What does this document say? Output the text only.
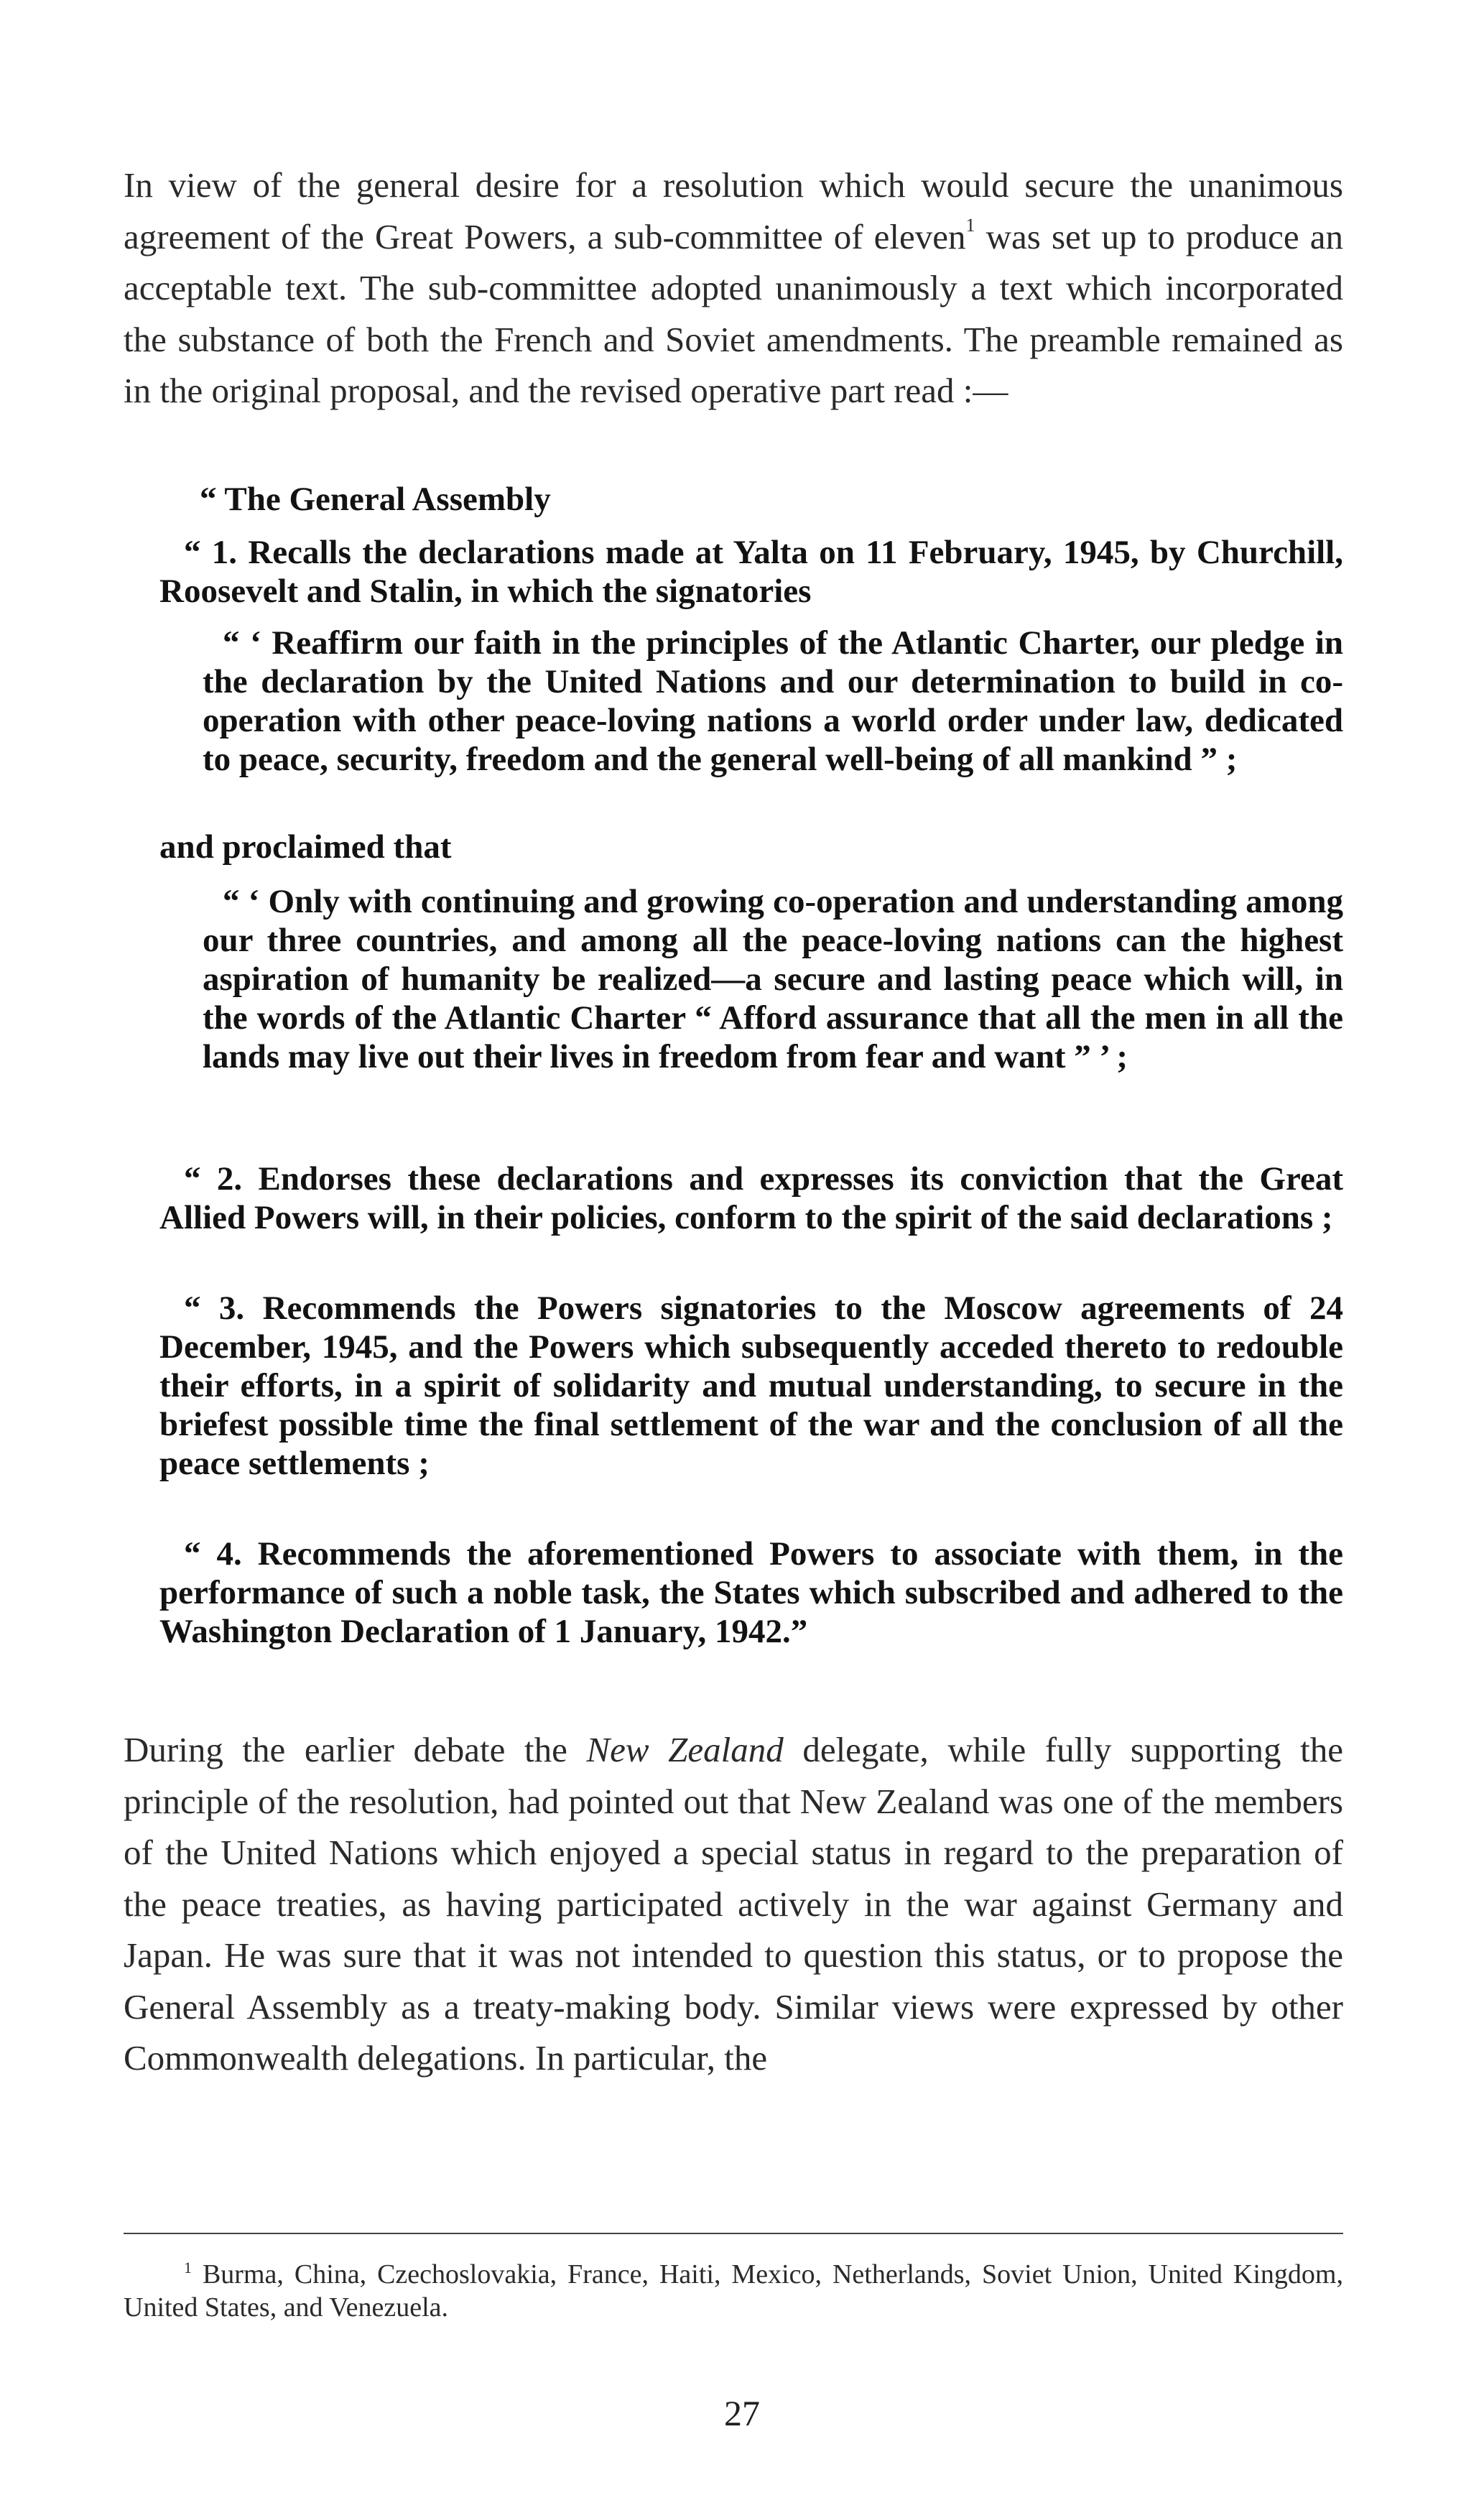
In view of the general desire for a resolution which would secure the unanimous agreement of the Great Powers, a sub-committee of eleven$^1$ was set up to produce an acceptable text. The sub-committee adopted unanimously a text which incorporated the substance of both the French and Soviet amendments. The preamble remained as in the original proposal, and the revised operative part read :—

“ The General Assembly

“ 1. Recalls the declarations made at Yalta on 11 February, 1945, by Churchill, Roosevelt and Stalin, in which the signatories

“ ‘ Reaffirm our faith in the principles of the Atlantic Charter, our pledge in the declaration by the United Nations and our determination to build in co-operation with other peace-loving nations a world order under law, dedicated to peace, security, freedom and the general well-being of all mankind ” ;

and proclaimed that

“ ‘ Only with continuing and growing co-operation and understanding among our three countries, and among all the peace-loving nations can the highest aspiration of humanity be realized—a secure and lasting peace which will, in the words of the Atlantic Charter “ Afford assurance that all the men in all the lands may live out their lives in freedom from fear and want ” ’ ;

“ 2. Endorses these declarations and expresses its conviction that the Great Allied Powers will, in their policies, conform to the spirit of the said declarations ;

“ 3. Recommends the Powers signatories to the Moscow agreements of 24 December, 1945, and the Powers which subsequently acceded thereto to redouble their efforts, in a spirit of solidarity and mutual understanding, to secure in the briefest possible time the final settlement of the war and the conclusion of all the peace settlements ;

“ 4. Recommends the aforementioned Powers to associate with them, in the performance of such a noble task, the States which subscribed and adhered to the Washington Declaration of 1 January, 1942.”

During the earlier debate the New Zealand delegate, while fully supporting the principle of the resolution, had pointed out that New Zealand was one of the members of the United Nations which enjoyed a special status in regard to the preparation of the peace treaties, as having participated actively in the war against Germany and Japan. He was sure that it was not intended to question this status, or to propose the General Assembly as a treaty-making body. Similar views were expressed by other Commonwealth delegations. In particular, the

$^1$ Burma, China, Czechoslovakia, France, Haiti, Mexico, Netherlands, Soviet Union, United Kingdom, United States, and Venezuela.

27
